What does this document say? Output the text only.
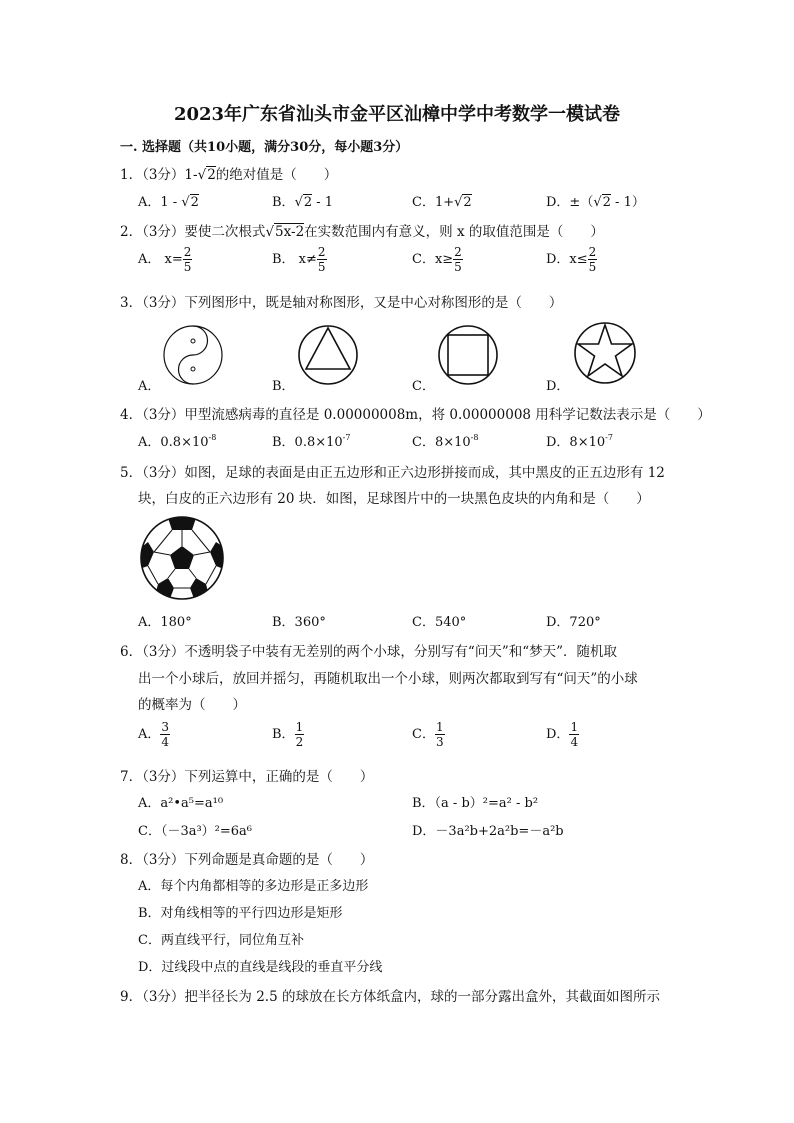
2023年广东省汕头市金平区汕樟中学中考数学一模试卷
一. 选择题（共10小题，满分30分，每小题3分）
1．（3分）1-√2的绝对值是（　　）
A．1 - √2	B．√2 - 1	C．1+√2	D．±（√2 - 1）
2．（3分）要使二次根式√5x-2在实数范围内有意义，则 x 的取值范围是（　　）
A． $x= \frac{2}{5}$	B． $x\ne \frac{2}{5}$	C．$x\ge \frac{2}{5}$	D．$x\le \frac{2}{5}$
3．（3分）下列图形中，既是轴对称图形，又是中心对称图形的是（　　）
A．	B．	C．	D．
4．（3分）甲型流感病毒的直径是 0.00000008m，将 0.00000008 用科学记数法表示是（　　）
A．$0.8\times 10^{-8}$	B．$0.8\times 10^{-7}$	C．$8\times 10^{-8}$	D．$8\times 10^{-7}$
5．（3分）如图，足球的表面是由正五边形和正六边形拼接而成，其中黑皮的正五边形有 12
块，白皮的正六边形有 20 块．如图，足球图片中的一块黑色皮块的内角和是（　　）
A．180°	B．360°	C．540°	D．720°
6．（3分）不透明袋子中装有无差别的两个小球，分别写有“问天”和“梦天”．随机取
出一个小球后，放回并摇匀，再随机取出一个小球，则两次都取到写有“问天”的小球
的概率为（　　）
A． $\frac{3}{4}$	B． $\frac{1}{2}$	C． $\frac{1}{3}$	D． $\frac{1}{4}$
7．（3分）下列运算中，正确的是（　　）
A．a²•a⁵=a¹⁰	B．（a - b）²=a² - b²
C．（－3a³）²=6a⁶	D．－3a²b+2a²b=－a²b
8．（3分）下列命题是真命题的是（　　）
A．每个内角都相等的多边形是正多边形
B．对角线相等的平行四边形是矩形
C．两直线平行，同位角互补
D．过线段中点的直线是线段的垂直平分线
9．（3分）把半径长为 2.5 的球放在长方体纸盒内，球的一部分露出盒外，其截面如图所示
